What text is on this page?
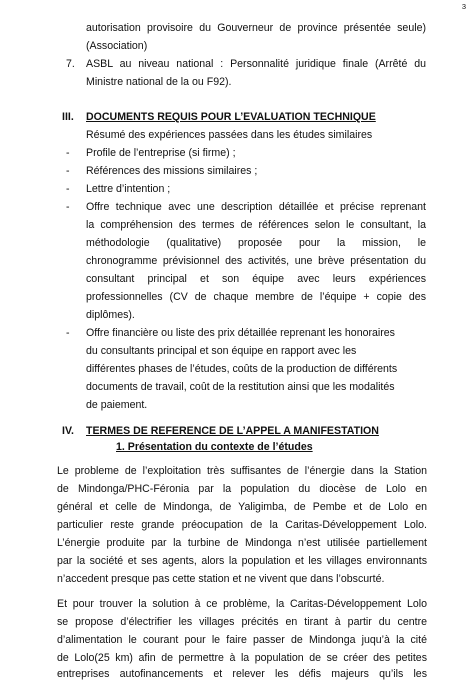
3
autorisation provisoire du Gouverneur de province présentée seule)
(Association)
7. ASBL au niveau national : Personnalité juridique finale (Arrêté du
Ministre national de la ou F92).
III. DOCUMENTS REQUIS POUR L’EVALUATION TECHNIQUE
Résumé des expériences passées dans les études similaires
- Profile de l’entreprise (si firme) ;
- Références des missions similaires ;
- Lettre d’intention ;
- Offre technique avec une description détaillée et précise reprenant
la compréhension des termes de références selon le consultant, la
méthodologie (qualitative) proposée pour la mission, le
chronogramme prévisionnel des activités, une brève présentation du
consultant principal et son équipe avec leurs expériences
professionnelles (CV de chaque membre de l’équipe + copie des
diplômes).
- Offre financière ou liste des prix détaillée reprenant les honoraires
du consultants principal et son équipe en rapport avec les
différentes phases de l’études, coûts de la production de différents
documents de travail, coût de la restitution ainsi que les modalités
de paiement.
IV. TERMES DE REFERENCE DE L’APPEL A MANIFESTATION
1. Présentation du contexte de l’études
Le probleme de l’exploitation très suffisantes de l’énergie dans la Station
de Mindonga/PHC-Féronia par la population du diocèse de Lolo en
général et celle de Mindonga, de Yaligimba, de Pembe et de Lolo en
particulier reste grande préocupation de la Caritas-Développement Lolo.
L’énergie produite par la turbine de Mindonga n’est utilisée partiellement
par la société et ses agents, alors la population et les villages environnants
n’accedent presque pas cette station et ne vivent que dans l’obscurté.
Et pour trouver la solution à ce problème, la Caritas-Développement Lolo
se propose d’électrifier les villages précités en tirant à partir du centre
d’alimentation le courant pour le faire passer de Mindonga juqu’à la cité
de Lolo(25 km) afin de permettre à la population de se créer des petites
entreprises autofinancements et relever les défis majeurs qu’ils les
